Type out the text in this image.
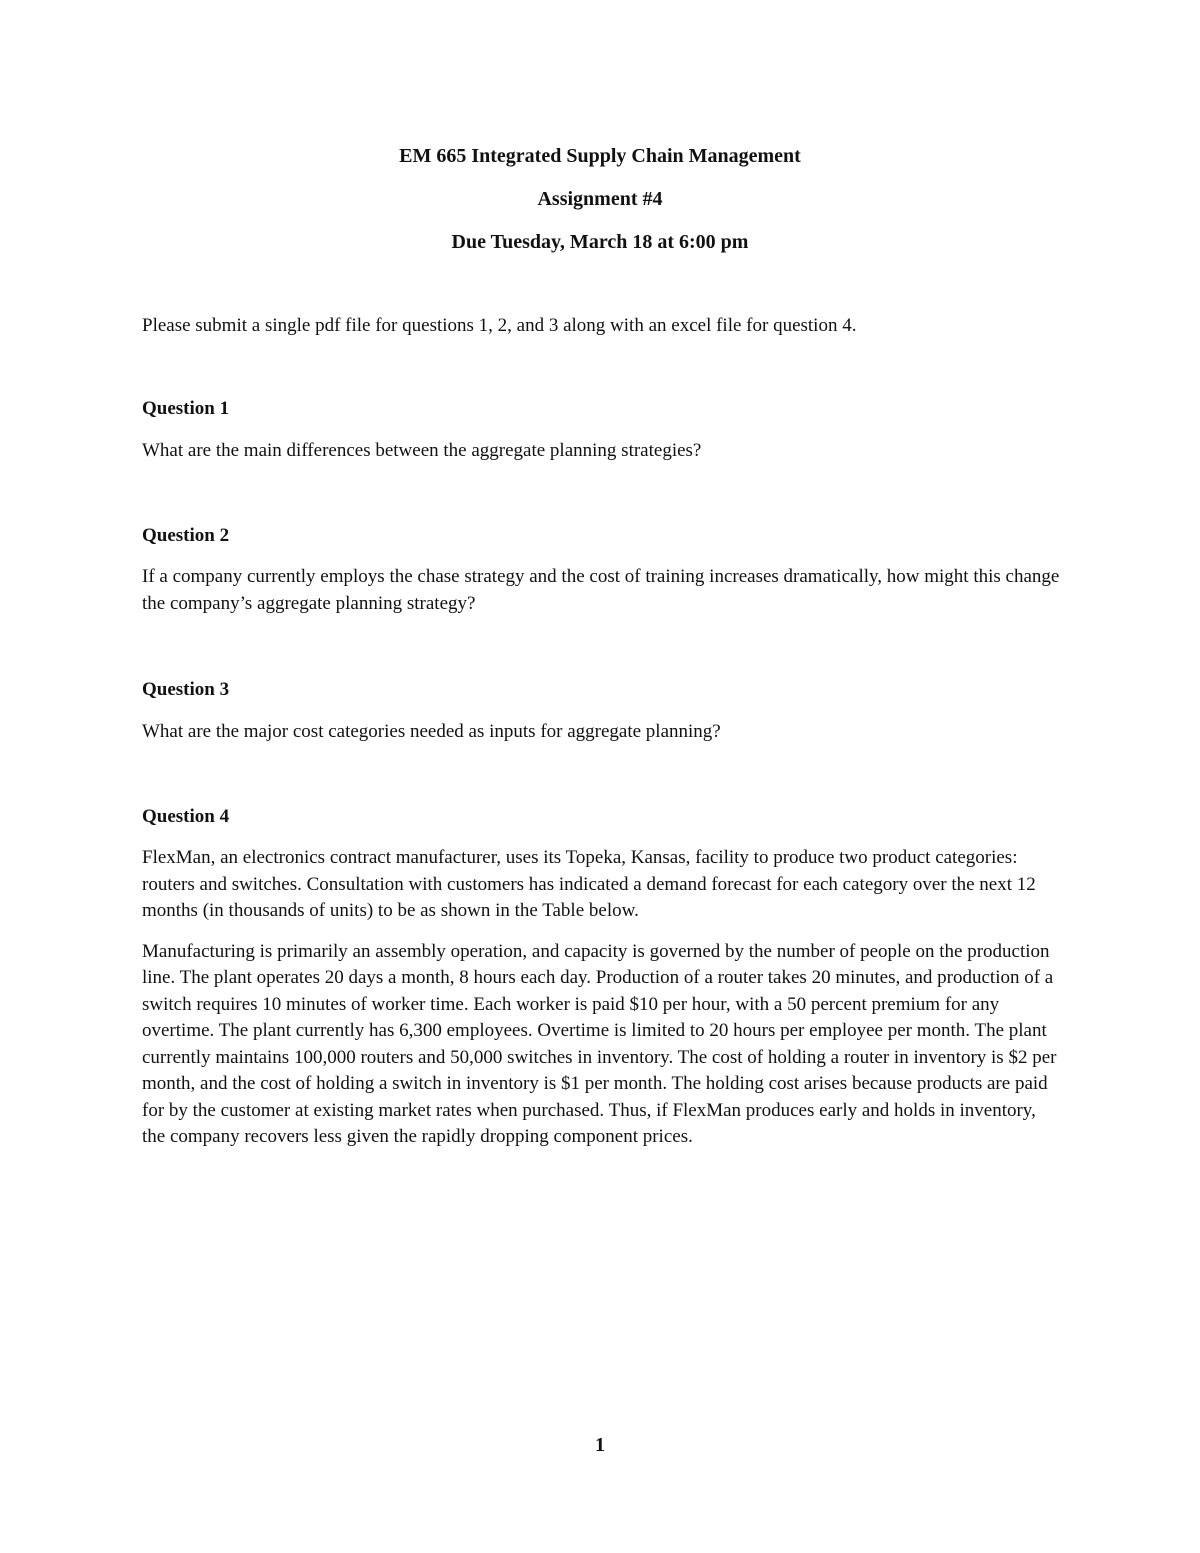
EM 665 Integrated Supply Chain Management

Assignment #4

Due Tuesday, March 18 at 6:00 pm

Please submit a single pdf file for questions 1, 2, and 3 along with an excel file for question 4.

Question 1

What are the main differences between the aggregate planning strategies?

Question 2

If a company currently employs the chase strategy and the cost of training increases dramatically, how might this change the company’s aggregate planning strategy?

Question 3

What are the major cost categories needed as inputs for aggregate planning?

Question 4

FlexMan, an electronics contract manufacturer, uses its Topeka, Kansas, facility to produce two product categories: routers and switches. Consultation with customers has indicated a demand forecast for each category over the next 12 months (in thousands of units) to be as shown in the Table below.

Manufacturing is primarily an assembly operation, and capacity is governed by the number of people on the production line. The plant operates 20 days a month, 8 hours each day. Production of a router takes 20 minutes, and production of a switch requires 10 minutes of worker time. Each worker is paid $10 per hour, with a 50 percent premium for any overtime. The plant currently has 6,300 employees. Overtime is limited to 20 hours per employee per month. The plant currently maintains 100,000 routers and 50,000 switches in inventory. The cost of holding a router in inventory is $2 per month, and the cost of holding a switch in inventory is $1 per month. The holding cost arises because products are paid for by the customer at existing market rates when purchased. Thus, if FlexMan produces early and holds in inventory, the company recovers less given the rapidly dropping component prices.

1
